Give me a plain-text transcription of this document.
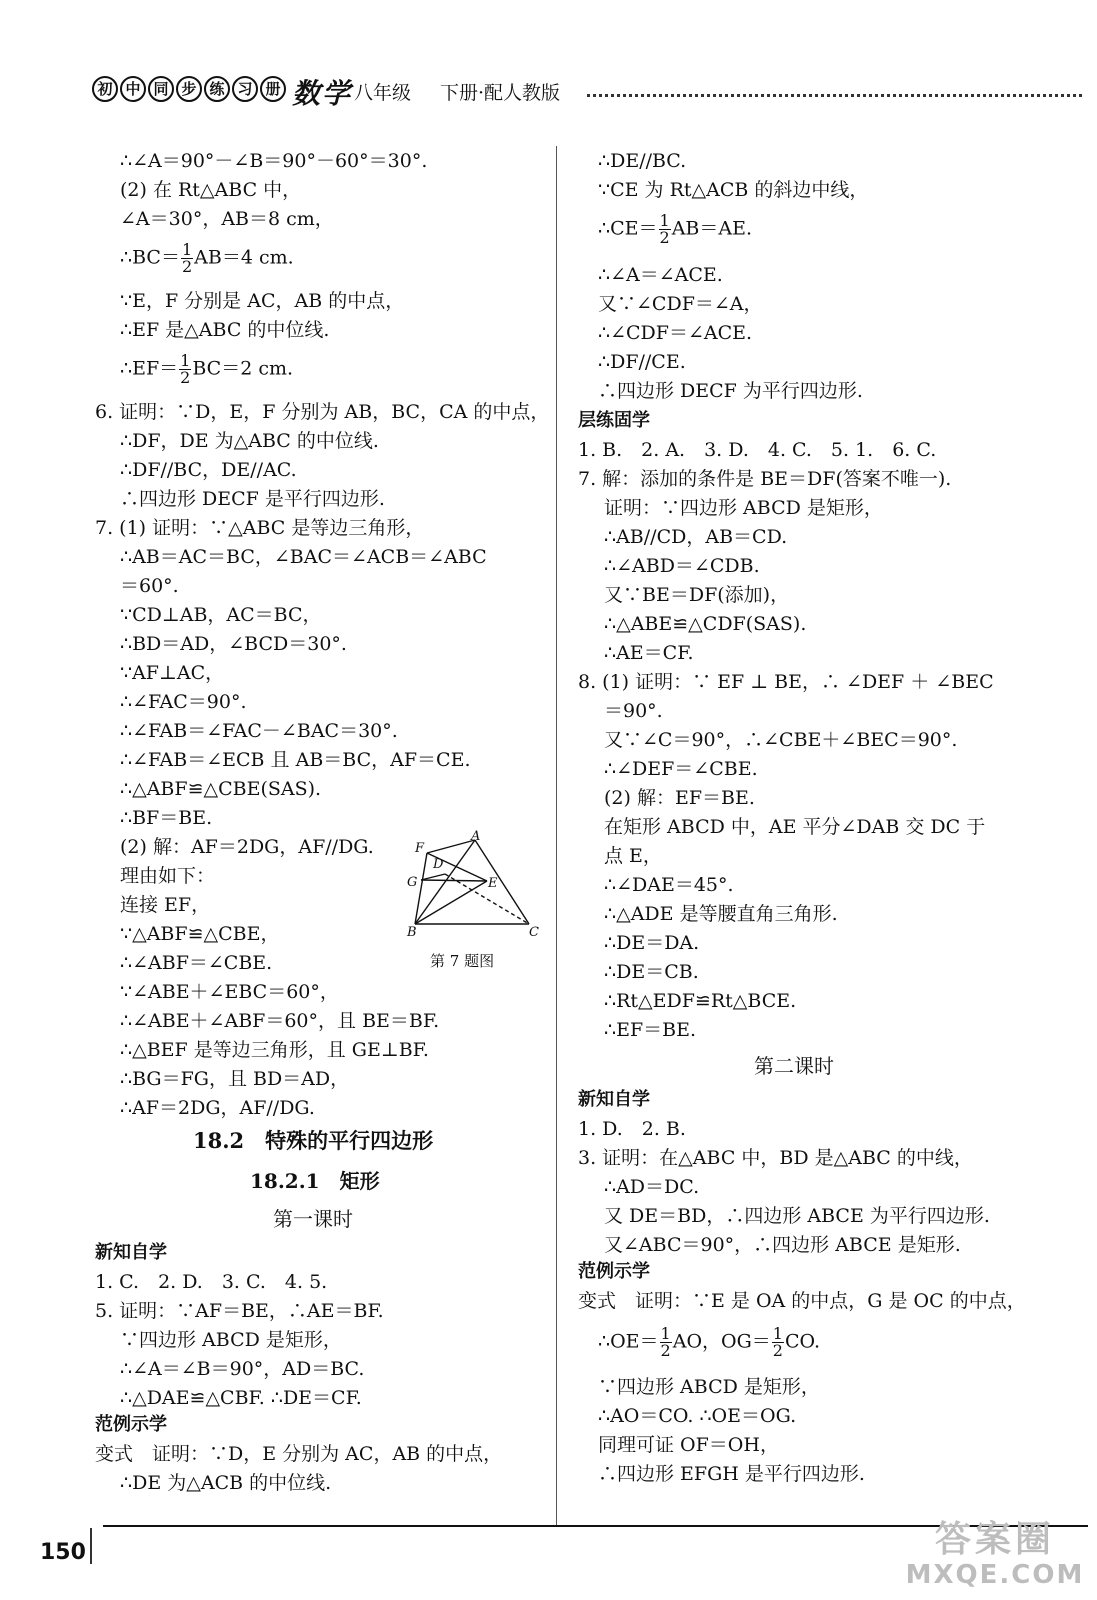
初 中 同 步 练 习 册 数学 八年级 下册·配人教版
∴∠A＝90°－∠B＝90°－60°＝30°.
(2) 在 Rt△ABC 中，
∠A＝30°，AB＝8 cm，
∴BC＝ $\frac{1}{2} AB=4$ cm.
∵E，F 分别是 AC，AB 的中点，
∴EF 是△ABC 的中位线.
∴EF＝ $\frac{1}{2} BC=2$ cm.
6. 证明：∵D，E，F 分别为 AB，BC，CA 的中点，
∴DF，DE 为△ABC 的中位线.
∴DF//BC，DE//AC.
∴四边形 DECF 是平行四边形.
7. (1) 证明：∵△ABC 是等边三角形，
∴AB＝AC＝BC，∠BAC＝∠ACB＝∠ABC
＝60°.
∵CD⊥AB，AC＝BC，
∴BD＝AD，∠BCD＝30°.
∵AF⊥AC，
∴∠FAC＝90°.
∴∠FAB＝∠FAC－∠BAC＝30°.
∴∠FAB＝∠ECB 且 AB＝BC，AF＝CE.
∴△ABF≌△CBE(SAS).
∴BF＝BE.
(2) 解：AF＝2DG，AF//DG.
理由如下：
连接 EF，
∵△ABF≌△CBE，
∴∠ABF＝∠CBE.
∵∠ABE＋∠EBC＝60°，
∴∠ABE＋∠ABF＝60°，且 BE＝BF.
∴△BEF 是等边三角形，且 GE⊥BF.
∴BG＝FG，且 BD＝AD，
∴AF＝2DG，AF//DG.
18.2　特殊的平行四边形
18.2.1　矩形
第一课时
新知自学
1. C.　2. D.　3. C.　4. 5.
5. 证明：∵AF＝BE，∴AE＝BF.
∵四边形 ABCD 是矩形，
∴∠A＝∠B＝90°，AD＝BC.
∴△DAE≌△CBF. ∴DE＝CF.
范例示学
变式　证明：∵D，E 分别为 AC，AB 的中点，
∴DE 为△ACB 的中位线.
A
B	C
D
E
F
G
第 7 题图
∴DE//BC.
∵CE 为 Rt△ACB 的斜边中线，
∴CE＝ $\frac{1}{2} AB=AE$.
∴∠A＝∠ACE.
又∵∠CDF＝∠A，
∴∠CDF＝∠ACE.
∴DF//CE.
∴四边形 DECF 为平行四边形.
层练固学
1. B.　2. A.　3. D.　4. C.　5. 1.　6. C.
7. 解：添加的条件是 BE＝DF(答案不唯一).
证明：∵四边形 ABCD 是矩形，
∴AB//CD，AB＝CD.
∴∠ABD＝∠CDB.
又∵BE＝DF(添加)，
∴△ABE≌△CDF(SAS).
∴AE＝CF.
8. (1) 证明：∵ EF ⊥ BE，∴ ∠DEF ＋ ∠BEC
＝90°.
又∵∠C＝90°，∴∠CBE＋∠BEC＝90°.
∴∠DEF＝∠CBE.
(2) 解：EF＝BE.
在矩形 ABCD 中，AE 平分∠DAB 交 DC 于
点 E，
∴∠DAE＝45°.
∴△ADE 是等腰直角三角形.
∴DE＝DA.
∴DE＝CB.
∴Rt△EDF≌Rt△BCE.
∴EF＝BE.
第二课时
新知自学
1. D.　2. B.
3. 证明：在△ABC 中，BD 是△ABC 的中线，
∴AD＝DC.
又 DE＝BD，∴四边形 ABCE 为平行四边形.
又∠ABC＝90°，∴四边形 ABCE 是矩形.
范例示学
变式　证明：∵E 是 OA 的中点，G 是 OC 的中点，
∴OE＝ $\frac{1}{2}$ AO，$OG= \frac{1}{2}$ CO.
∵四边形 ABCD 是矩形，
∴AO＝CO. ∴OE＝OG.
同理可证 OF＝OH，
∴四边形 EFGH 是平行四边形.
150	答案圈
MXQE.COM
